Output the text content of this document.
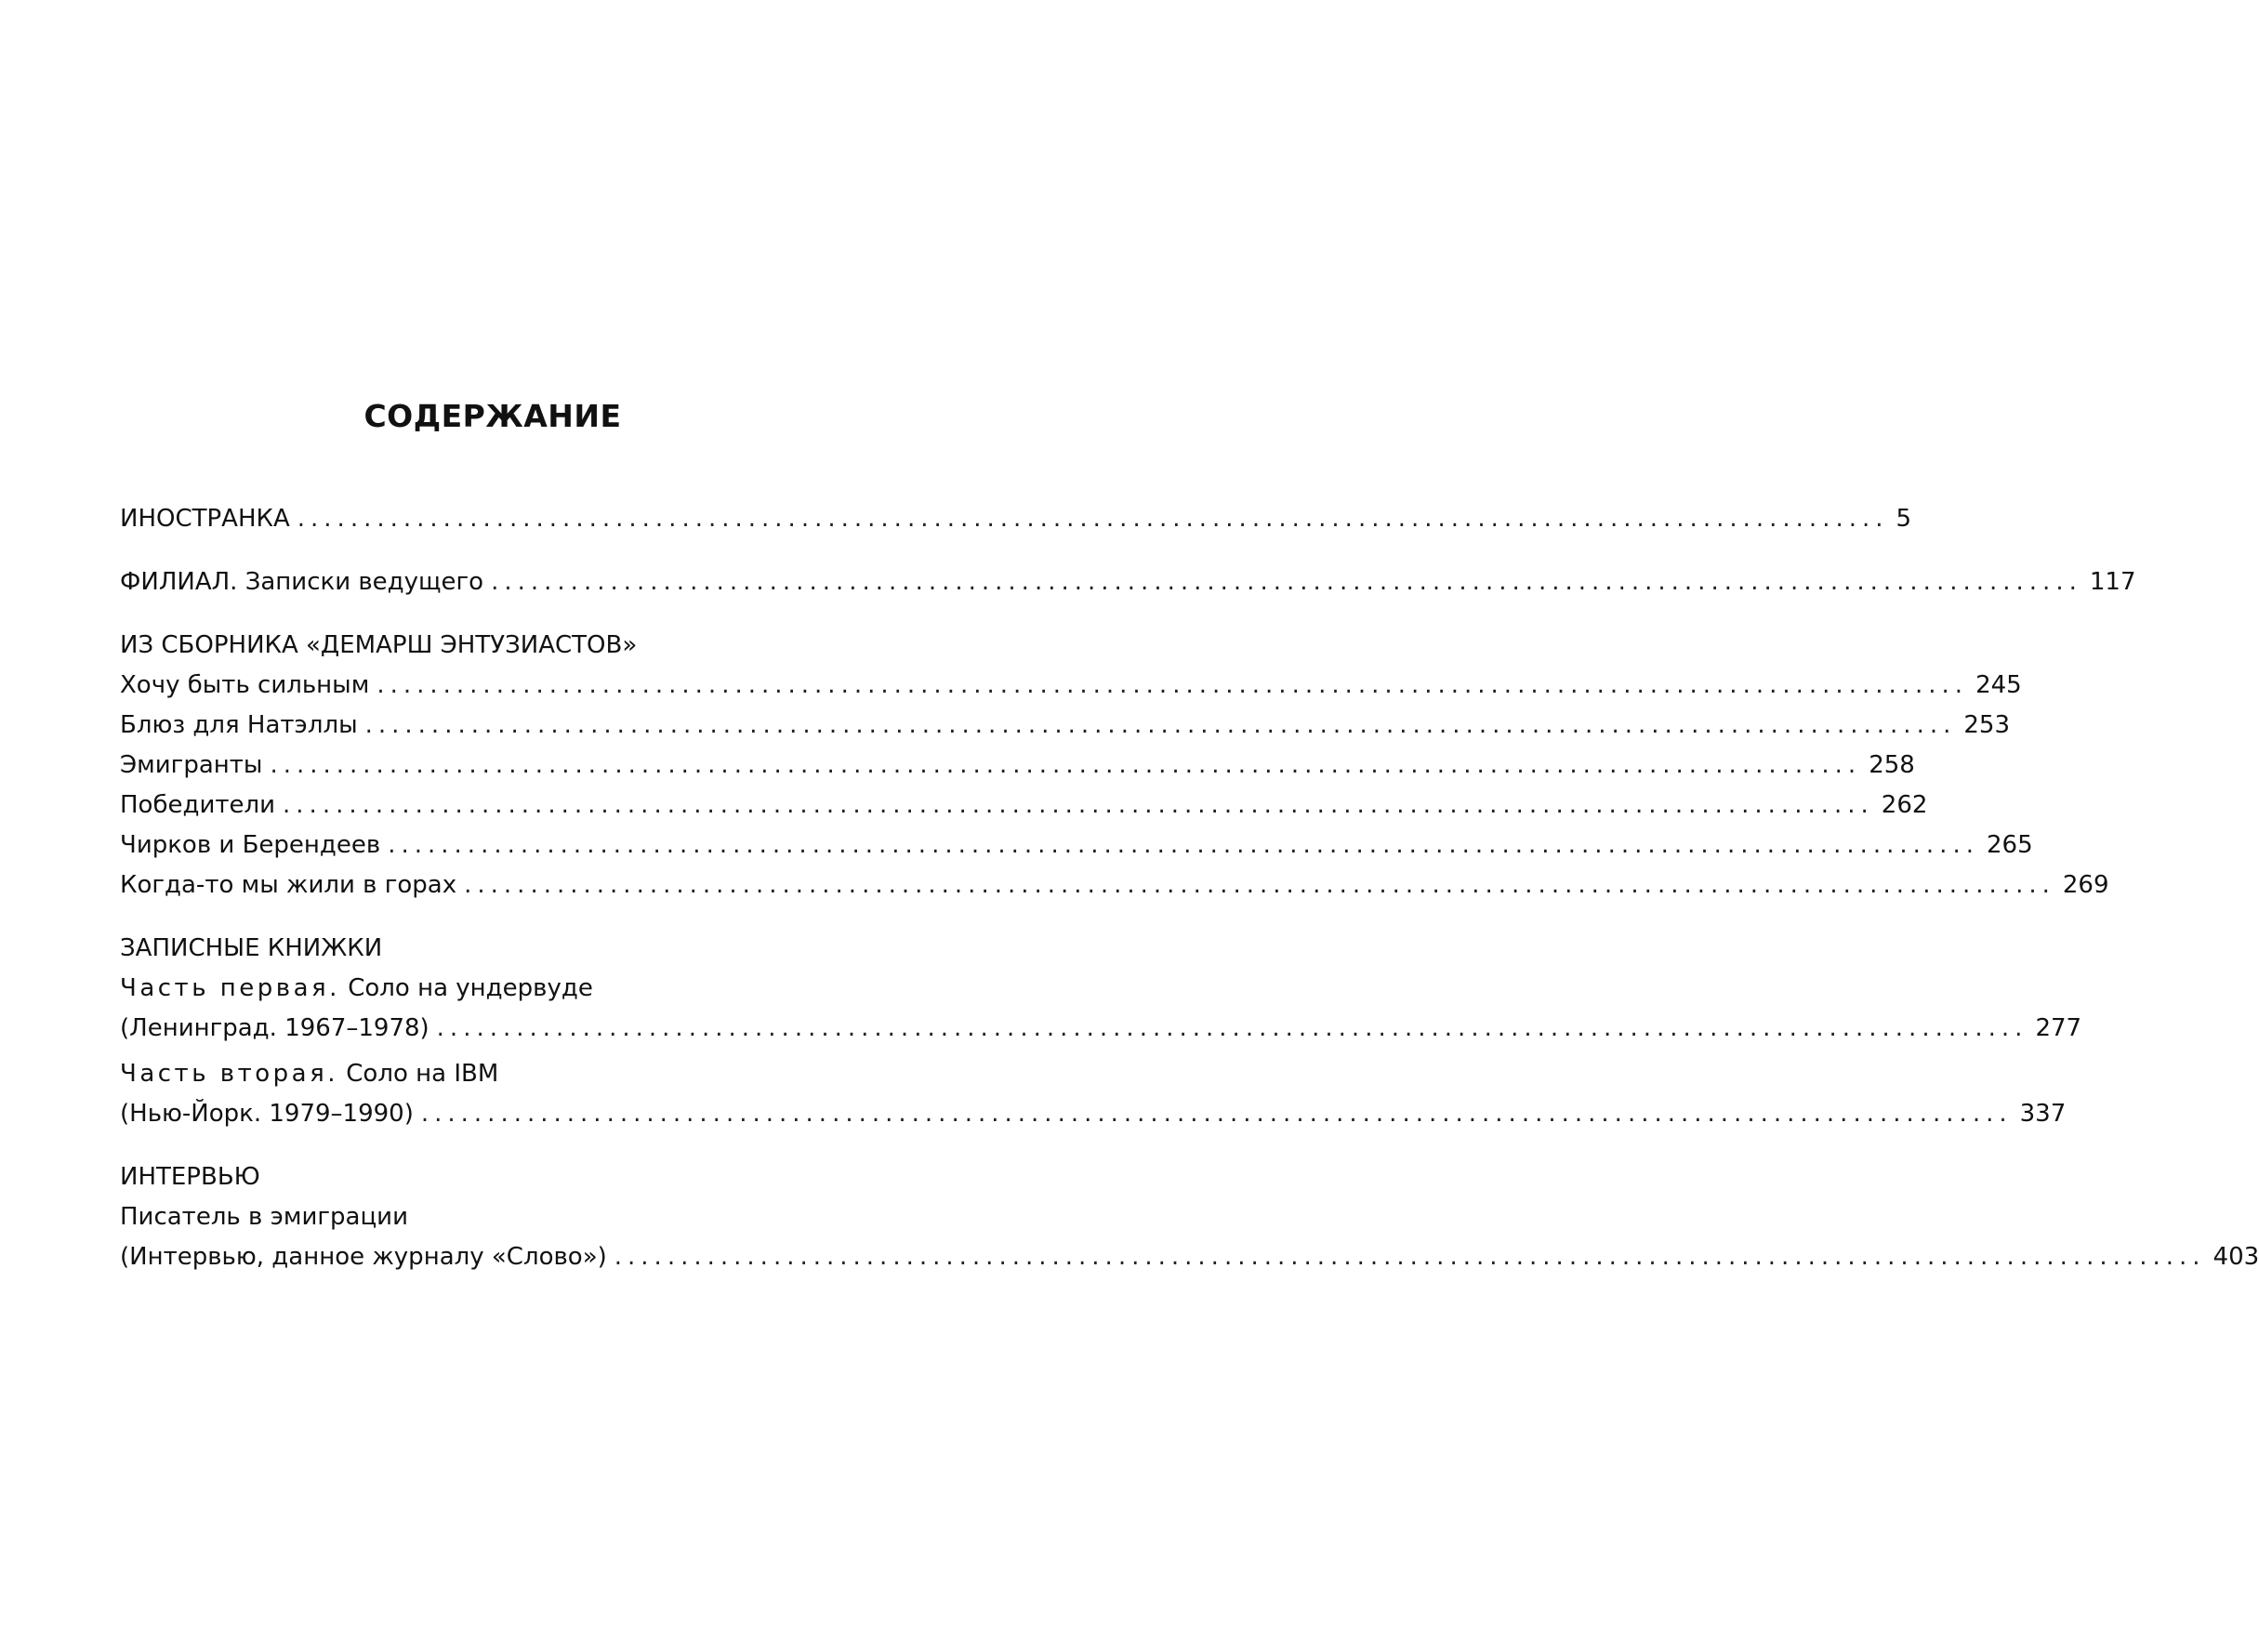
СОДЕРЖАНИЕ
ИНОСТРАНКА ........................................................................................................................ 5
ФИЛИАЛ. Записки ведущего ........................................................................................................................ 117
ИЗ СБОРНИКА «ДЕМАРШ ЭНТУЗИАСТОВ»
Хочу быть сильным ........................................................................................................................ 245
Блюз для Натэллы ........................................................................................................................ 253
Эмигранты ........................................................................................................................ 258
Победители ........................................................................................................................ 262
Чирков и Берендеев ........................................................................................................................ 265
Когда-то мы жили в горах ........................................................................................................................ 269
ЗАПИСНЫЕ КНИЖКИ
Часть первая. Соло на ундервуде
(Ленинград. 1967–1978) ........................................................................................................................ 277
Часть вторая. Соло на IBM
(Нью-Йорк. 1979–1990) ........................................................................................................................ 337
ИНТЕРВЬЮ
Писатель в эмиграции
(Интервью, данное журналу «Слово») ........................................................................................................................ 403
